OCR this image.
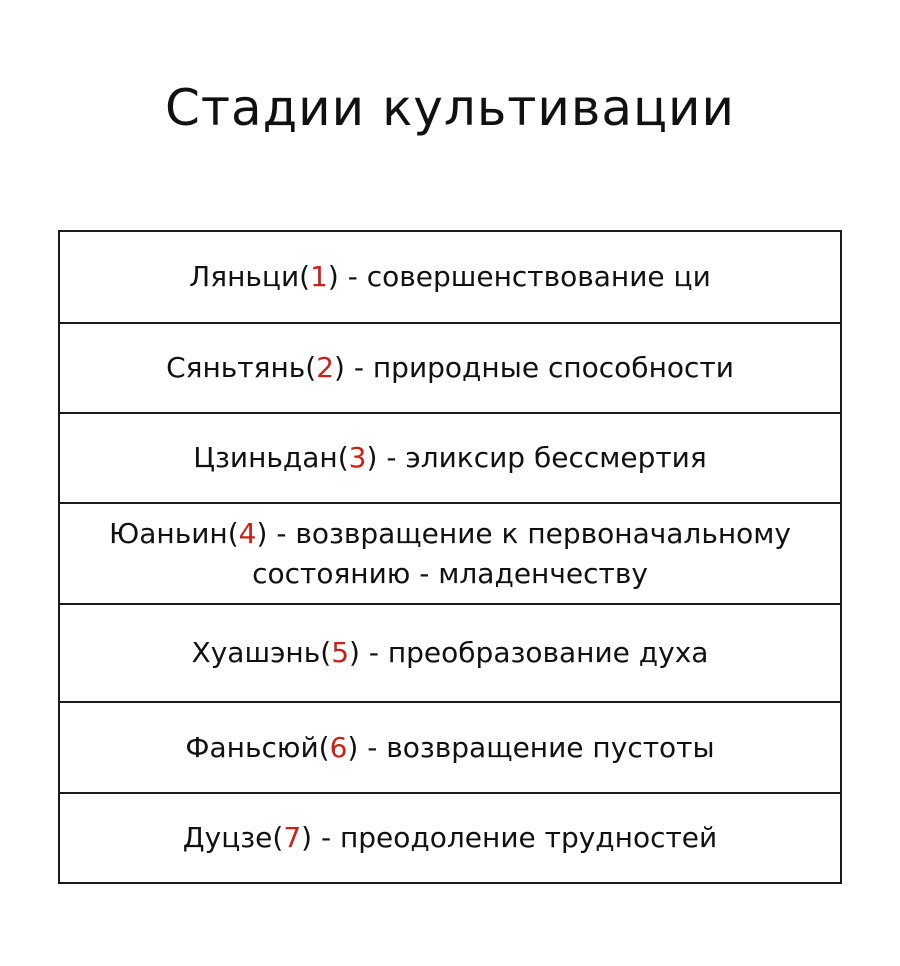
Стадии культивации
Ляньци(1) - совершенствование ци
Сяньтянь(2) - природные способности
Цзиньдан(3) - эликсир бессмертия
Юаньин(4) - возвращение к первоначальному состоянию - младенчеству
Хуашэнь(5) - преобразование духа
Фаньсюй(6) - возвращение пустоты
Дуцзе(7) - преодоление трудностей
